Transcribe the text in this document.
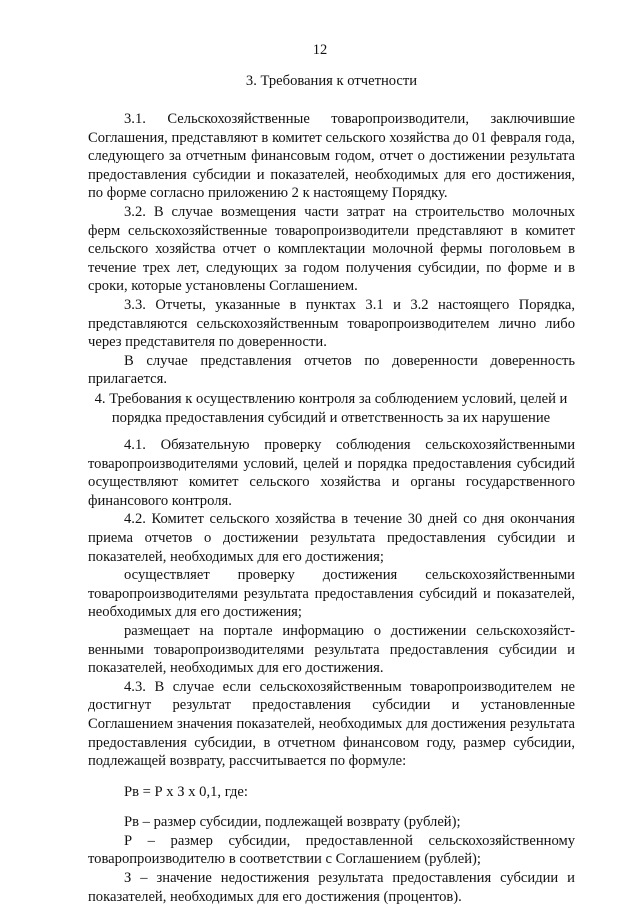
12
3. Требования к отчетности

3.1. Сельскохозяйственные товаропроизводители, заключившие Соглашения, представляют в комитет сельского хозяйства до 01 февраля года, следующего за отчетным финансовым годом, отчет о достижении результата предоставления субсидии и показателей, необходимых для его достижения, по форме согласно приложению 2 к настоящему Порядку.

3.2. В случае возмещения части затрат на строительство молочных ферм сельскохозяйственные товаропроизводители представляют в комитет сельского хозяйства отчет о комплектации молочной фермы поголовьем в течение трех лет, следующих за годом получения субсидии, по форме и в сроки, которые установлены Соглашением.

3.3. Отчеты, указанные в пунктах 3.1 и 3.2 настоящего Порядка, представляются сельскохозяйственным товаропроизводителем лично либо через представителя по доверенности.

В случае представления отчетов по доверенности доверенность прилагается.

4. Требования к осуществлению контроля за соблюдением условий, целей и порядка предоставления субсидий и ответственность за их нарушение

4.1. Обязательную проверку соблюдения сельскохозяйственными товаропроизводителями условий, целей и порядка предоставления субсидий осуществляют комитет сельского хозяйства и органы государственного финансового контроля.

4.2. Комитет сельского хозяйства в течение 30 дней со дня окончания приема отчетов о достижении результата предоставления субсидии и показателей, необходимых для его достижения;

осуществляет проверку достижения сельскохозяйственными товаропроизводителями результата предоставления субсидий и показателей, необходимых для его достижения;

размещает на портале информацию о достижении сельскохозяйст-венными товаропроизводителями результата предоставления субсидии и показателей, необходимых для его достижения.

4.3. В случае если сельскохозяйственным товаропроизводителем не достигнут результат предоставления субсидии и установленные Соглашением значения показателей, необходимых для достижения результата предоставления субсидии, в отчетном финансовом году, размер субсидии, подлежащей возврату, рассчитывается по формуле:

Рв = Р x З x 0,1, где:

Рв – размер субсидии, подлежащей возврату (рублей);

Р – размер субсидии, предоставленной сельскохозяйственному товаропроизводителю в соответствии с Соглашением (рублей);

З – значение недостижения результата предоставления субсидии и показателей, необходимых для его достижения (процентов).
